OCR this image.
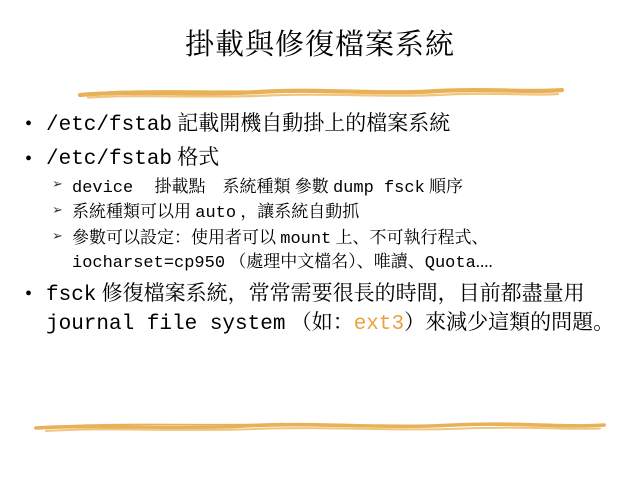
掛載與修復檔案系統
• /etc/fstab 記載開機自動掛上的檔案系統
• /etc/fstab 格式
➢ device　 掛載點　系統種類 參數 dump fsck 順序
➢ 系統種類可以用 auto ，讓系統自動抓
➢ 參數可以設定：使用者可以 mount 上、不可執行程式、iocharset=cp950 （處理中文檔名）、唯讀、Quota....
• fsck 修復檔案系統，常常需要很長的時間，目前都盡量用 journal file system （如：ext3）來減少這類的問題。
